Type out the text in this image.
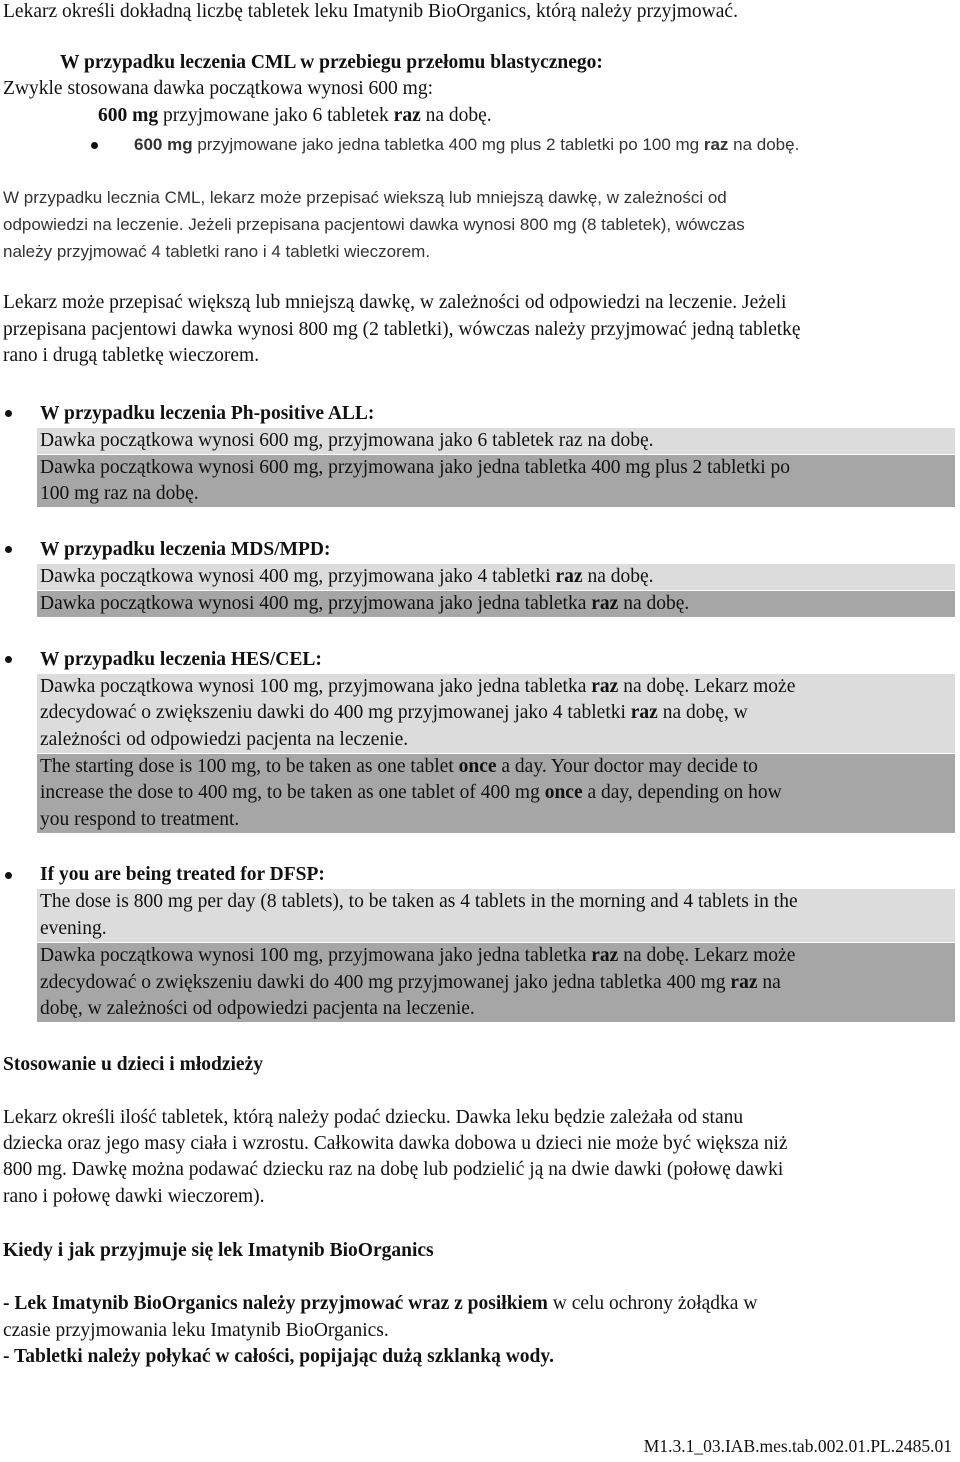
Lekarz określi dokładną liczbę tabletek leku Imatynib BioOrganics, którą należy przyjmować.
W przypadku leczenia CML w przebiegu przełomu blastycznego:
Zwykle stosowana dawka początkowa wynosi 600 mg:
600 mg przyjmowane jako 6 tabletek raz na dobę.
600 mg przyjmowane jako jedna tabletka 400 mg plus 2 tabletki po 100 mg raz na dobę.
W przypadku lecznia CML, lekarz może przepisać wiekszą lub mniejszą dawkę, w zależności od
odpowiedzi na leczenie. Jeżeli przepisana pacjentowi dawka wynosi 800 mg (8 tabletek), wówczas
należy przyjmować 4 tabletki rano i 4 tabletki wieczorem.
Lekarz może przepisać większą lub mniejszą dawkę, w zależności od odpowiedzi na leczenie. Jeżeli
przepisana pacjentowi dawka wynosi 800 mg (2 tabletki), wówczas należy przyjmować jedną tabletkę
rano i drugą tabletkę wieczorem.
W przypadku leczenia Ph-positive ALL:
Dawka początkowa wynosi 600 mg, przyjmowana jako 6 tabletek raz na dobę.
Dawka początkowa wynosi 600 mg, przyjmowana jako jedna tabletka 400 mg plus 2 tabletki po
100 mg raz na dobę.
W przypadku leczenia MDS/MPD:
Dawka początkowa wynosi 400 mg, przyjmowana jako 4 tabletki raz na dobę.
Dawka początkowa wynosi 400 mg, przyjmowana jako jedna tabletka raz na dobę.
W przypadku leczenia HES/CEL:
Dawka początkowa wynosi 100 mg, przyjmowana jako jedna tabletka raz na dobę. Lekarz może
zdecydować o zwiększeniu dawki do 400 mg przyjmowanej jako 4 tabletki raz na dobę, w
zależności od odpowiedzi pacjenta na leczenie.
The starting dose is 100 mg, to be taken as one tablet once a day. Your doctor may decide to
increase the dose to 400 mg, to be taken as one tablet of 400 mg once a day, depending on how
you respond to treatment.
If you are being treated for DFSP:
The dose is 800 mg per day (8 tablets), to be taken as 4 tablets in the morning and 4 tablets in the
evening.
Dawka początkowa wynosi 100 mg, przyjmowana jako jedna tabletka raz na dobę. Lekarz może
zdecydować o zwiększeniu dawki do 400 mg przyjmowanej jako jedna tabletka 400 mg raz na
dobę, w zależności od odpowiedzi pacjenta na leczenie.
Stosowanie u dzieci i młodzieży
Lekarz określi ilość tabletek, którą należy podać dziecku. Dawka leku będzie zależała od stanu
dziecka oraz jego masy ciała i wzrostu. Całkowita dawka dobowa u dzieci nie może być większa niż
800 mg. Dawkę można podawać dziecku raz na dobę lub podzielić ją na dwie dawki (połowę dawki
rano i połowę dawki wieczorem).
Kiedy i jak przyjmuje się lek Imatynib BioOrganics
- Lek Imatynib BioOrganics należy przyjmować wraz z posiłkiem w celu ochrony żołądka w
czasie przyjmowania leku Imatynib BioOrganics.
- Tabletki należy połykać w całości, popijając dużą szklanką wody.
M1.3.1_03.IAB.mes.tab.002.01.PL.2485.01
